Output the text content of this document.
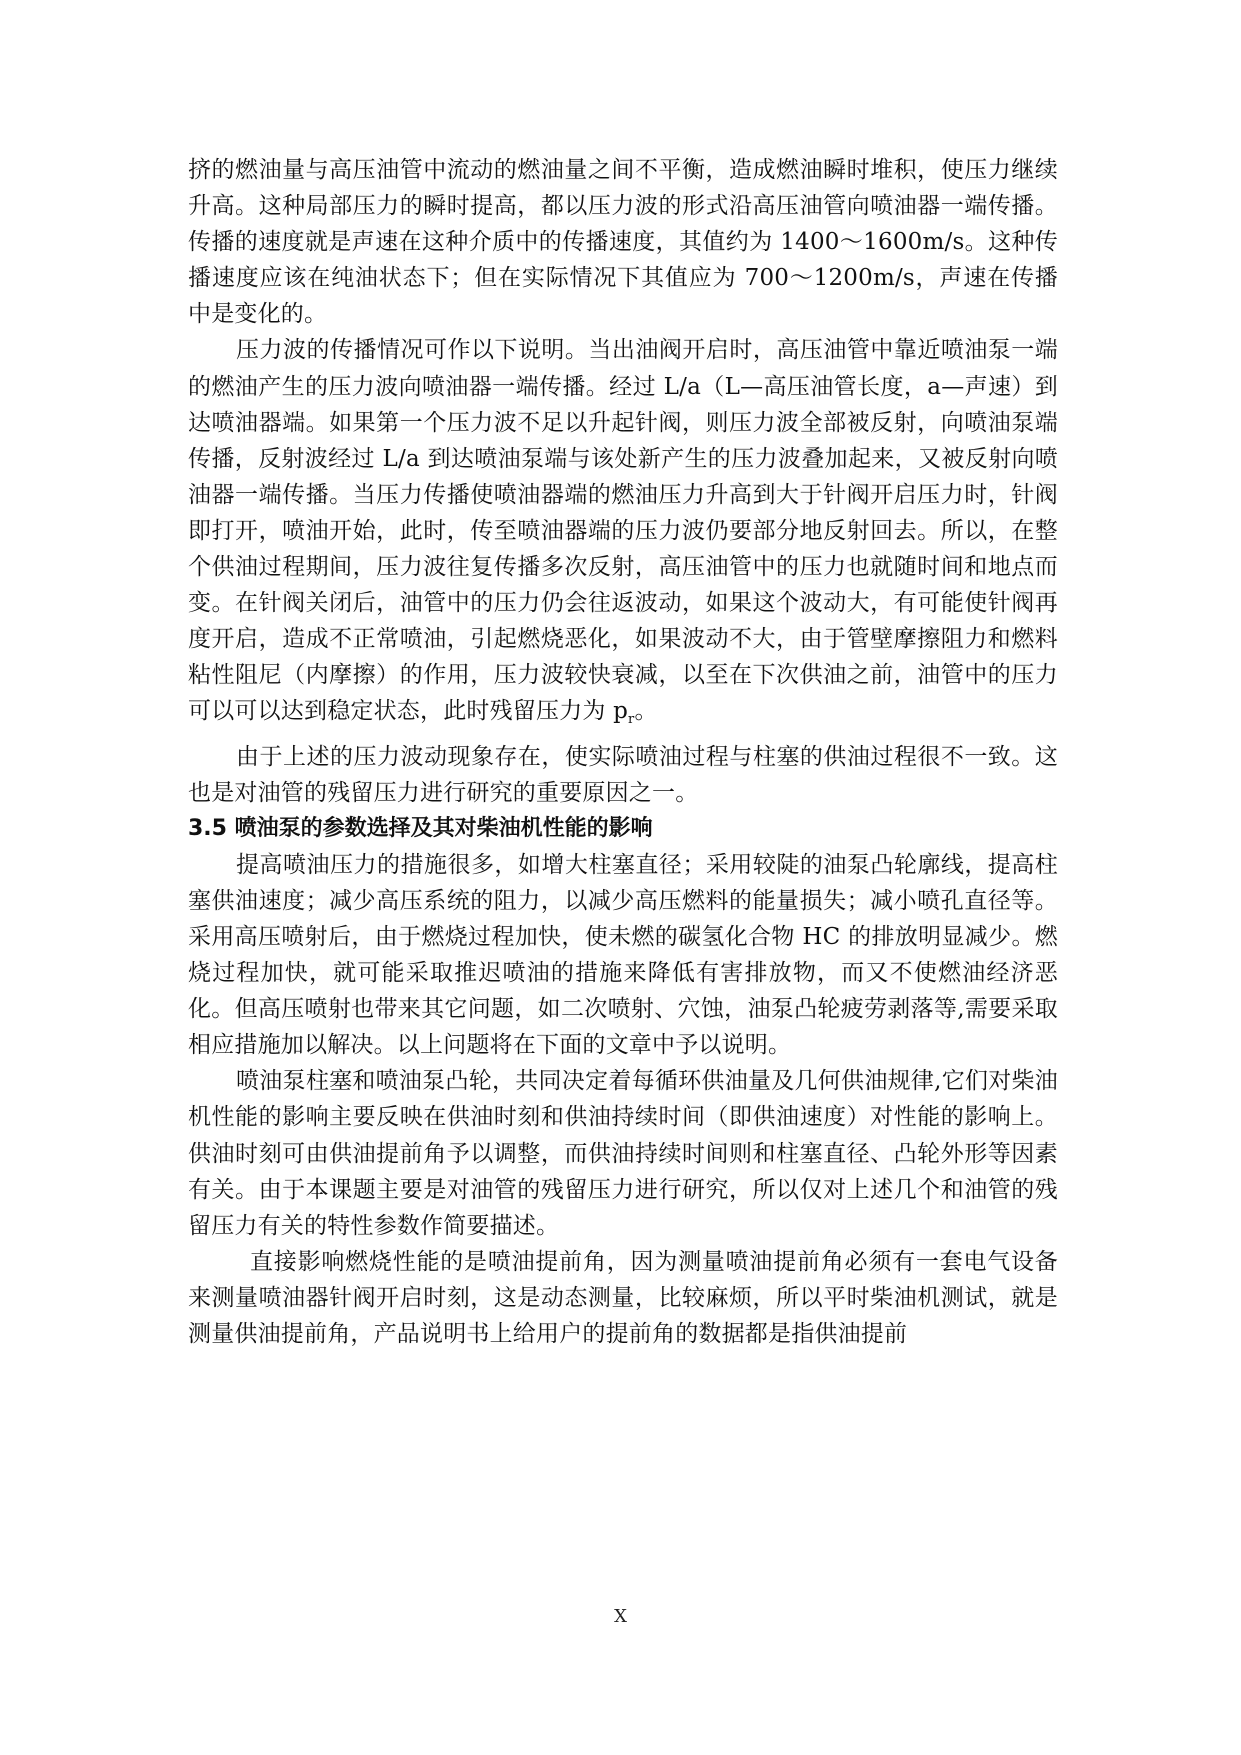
挤的燃油量与高压油管中流动的燃油量之间不平衡，造成燃油瞬时堆积，使压力继续升高。这种局部压力的瞬时提高，都以压力波的形式沿高压油管向喷油器一端传播。 传播的速度就是声速在这种介质中的传播速度，其值约为 1400～1600m/s。这种传播速度应该在纯油状态下；但在实际情况下其值应为 700～1200m/s，声速在传播中是变化的。

压力波的传播情况可作以下说明。当出油阀开启时，高压油管中靠近喷油泵一端的燃油产生的压力波向喷油器一端传播。经过 L/a（L—高压油管长度，a—声速）到达喷油器端。如果第一个压力波不足以升起针阀，则压力波全部被反射，向喷油泵端传播，反射波经过 L/a 到达喷油泵端与该处新产生的压力波叠加起来，又被反射向喷油器一端传播。当压力传播使喷油器端的燃油压力升高到大于针阀开启压力时，针阀即打开，喷油开始，此时，传至喷油器端的压力波仍要部分地反射回去。所以，在整个供油过程期间，压力波往复传播多次反射，高压油管中的压力也就随时间和地点而变。在针阀关闭后，油管中的压力仍会往返波动，如果这个波动大，有可能使针阀再度开启，造成不正常喷油，引起燃烧恶化，如果波动不大，由于管壁摩擦阻力和燃料粘性阻尼（内摩擦）的作用，压力波较快衰减，以至在下次供油之前，油管中的压力可以可以达到稳定状态，此时残留压力为 $p_r$。

由于上述的压力波动现象存在，使实际喷油过程与柱塞的供油过程很不一致。这也是对油管的残留压力进行研究的重要原因之一。

3.5 喷油泵的参数选择及其对柴油机性能的影响

提高喷油压力的措施很多，如增大柱塞直径；采用较陡的油泵凸轮廓线，提高柱塞供油速度；减少高压系统的阻力，以减少高压燃料的能量损失；减小喷孔直径等。采用高压喷射后，由于燃烧过程加快，使未燃的碳氢化合物 HC 的排放明显减少。燃烧过程加快，就可能采取推迟喷油的措施来降低有害排放物，而又不使燃油经济恶化。但高压喷射也带来其它问题，如二次喷射、穴蚀，油泵凸轮疲劳剥落等,需要采取相应措施加以解决。以上问题将在下面的文章中予以说明。

喷油泵柱塞和喷油泵凸轮，共同决定着每循环供油量及几何供油规律,它们对柴油机性能的影响主要反映在供油时刻和供油持续时间（即供油速度）对性能的影响上。供油时刻可由供油提前角予以调整，而供油持续时间则和柱塞直径、凸轮外形等因素有关。由于本课题主要是对油管的残留压力进行研究，所以仅对上述几个和油管的残留压力有关的特性参数作简要描述。

直接影响燃烧性能的是喷油提前角，因为测量喷油提前角必须有一套电气设备来测量喷油器针阀开启时刻，这是动态测量，比较麻烦，所以平时柴油机测试，就是测量供油提前角，产品说明书上给用户的提前角的数据都是指供油提前

X
